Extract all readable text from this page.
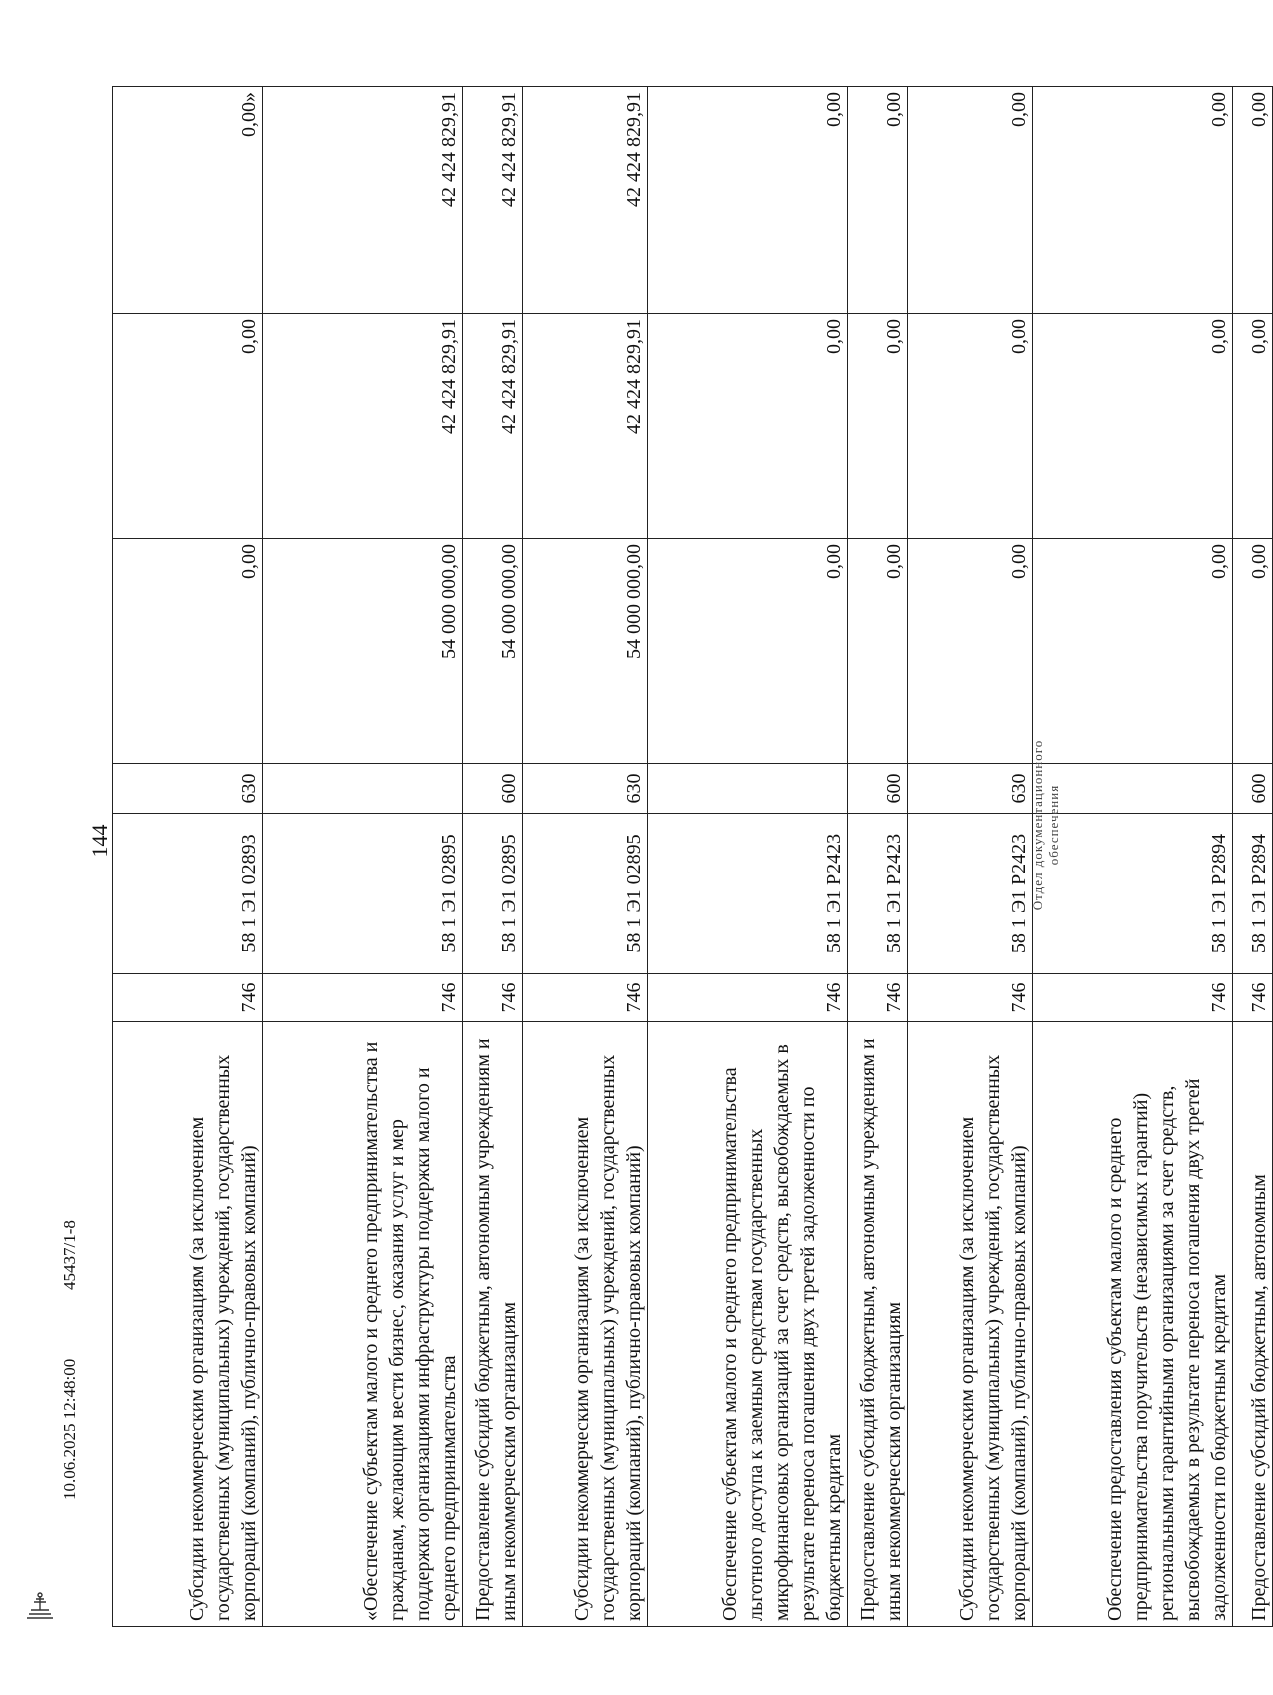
144
Субсидии некоммерческим организациям (за исключением государственных (муниципальных) учреждений, государственных корпораций (компаний), публично-правовых компаний)	746	58 1 Э1 02893	630	0,00	0,00	0,00»
«Обеспечение субъектам малого и среднего предпринимательства и гражданам, желающим вести бизнес, оказания услуг и мер поддержки организациями инфраструктуры поддержки малого и среднего предпринимательства	746	58 1 Э1 02895		54 000 000,00	42 424 829,91	42 424 829,91
Предоставление субсидий бюджетным, автономным учреждениям и иным некоммерческим организациям	746	58 1 Э1 02895	600	54 000 000,00	42 424 829,91	42 424 829,91
Субсидии некоммерческим организациям (за исключением государственных (муниципальных) учреждений, государственных корпораций (компаний), публично-правовых компаний)	746	58 1 Э1 02895	630	54 000 000,00	42 424 829,91	42 424 829,91
Обеспечение субъектам малого и среднего предпринимательства льготного доступа к заемным средствам государственных микрофинансовых организаций за счет средств, высвобождаемых в результате переноса погашения двух третей задолженности по бюджетным кредитам	746	58 1 Э1 P2423		0,00	0,00	0,00
Предоставление субсидий бюджетным, автономным учреждениям и иным некоммерческим организациям	746	58 1 Э1 P2423	600	0,00	0,00	0,00
Субсидии некоммерческим организациям (за исключением государственных (муниципальных) учреждений, государственных корпораций (компаний), публично-правовых компаний)	746	58 1 Э1 P2423	630	0,00	0,00	0,00
Обеспечение предоставления субъектам малого и среднего предпринимательства поручительств (независимых гарантий) региональными гарантийными организациями за счет средств, высвобождаемых в результате переноса погашения двух третей задолженности по бюджетным кредитам	746	58 1 Э1 P2894		0,00	0,00	0,00
Предоставление субсидий бюджетным, автономным	746	58 1 Э1 P2894	600	0,00	0,00	0,00
10.06.2025 12:48:00
45437/1-8
Отдел документационного обеспечения
